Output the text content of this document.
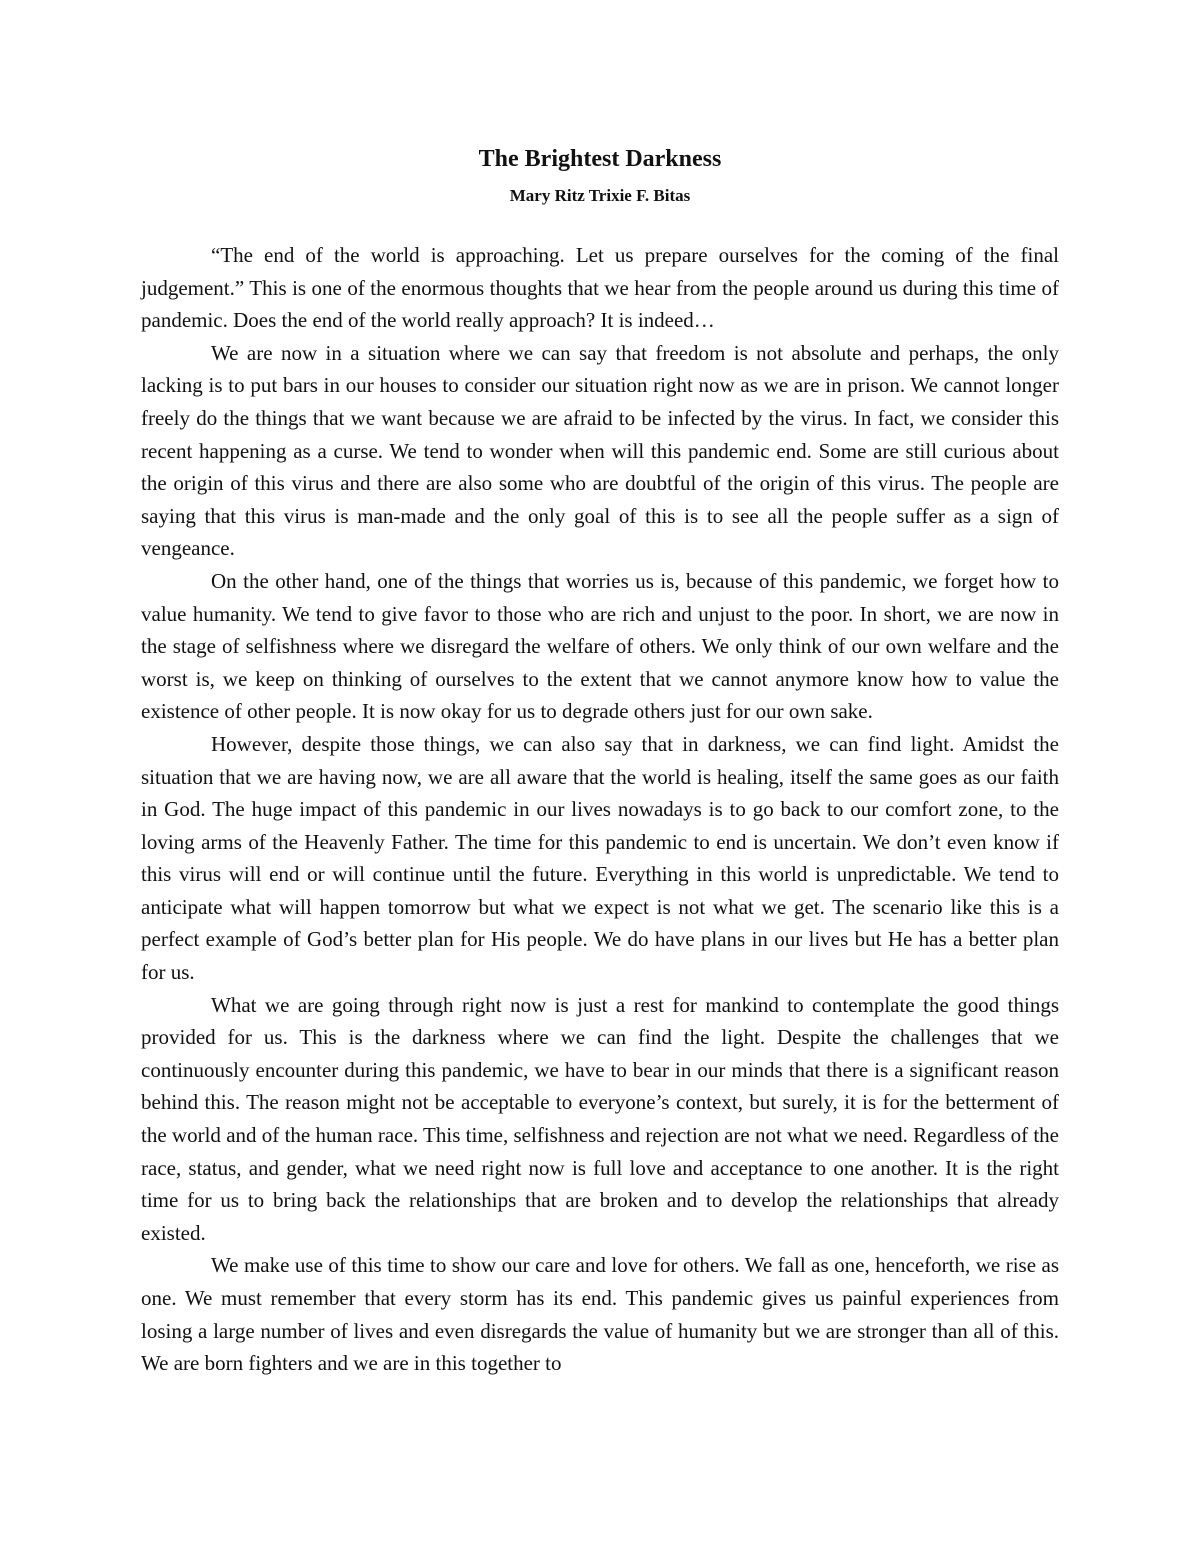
The Brightest Darkness
Mary Ritz Trixie F. Bitas

“The end of the world is approaching. Let us prepare ourselves for the coming of the final judgement.” This is one of the enormous thoughts that we hear from the people around us during this time of pandemic. Does the end of the world really approach? It is indeed…

We are now in a situation where we can say that freedom is not absolute and perhaps, the only lacking is to put bars in our houses to consider our situation right now as we are in prison. We cannot longer freely do the things that we want because we are afraid to be infected by the virus. In fact, we consider this recent happening as a curse. We tend to wonder when will this pandemic end. Some are still curious about the origin of this virus and there are also some who are doubtful of the origin of this virus. The people are saying that this virus is man-made and the only goal of this is to see all the people suffer as a sign of vengeance.

On the other hand, one of the things that worries us is, because of this pandemic, we forget how to value humanity. We tend to give favor to those who are rich and unjust to the poor. In short, we are now in the stage of selfishness where we disregard the welfare of others. We only think of our own welfare and the worst is, we keep on thinking of ourselves to the extent that we cannot anymore know how to value the existence of other people. It is now okay for us to degrade others just for our own sake.

However, despite those things, we can also say that in darkness, we can find light. Amidst the situation that we are having now, we are all aware that the world is healing, itself the same goes as our faith in God. The huge impact of this pandemic in our lives nowadays is to go back to our comfort zone, to the loving arms of the Heavenly Father. The time for this pandemic to end is uncertain. We don’t even know if this virus will end or will continue until the future. Everything in this world is unpredictable. We tend to anticipate what will happen tomorrow but what we expect is not what we get. The scenario like this is a perfect example of God’s better plan for His people. We do have plans in our lives but He has a better plan for us.

What we are going through right now is just a rest for mankind to contemplate the good things provided for us. This is the darkness where we can find the light. Despite the challenges that we continuously encounter during this pandemic, we have to bear in our minds that there is a significant reason behind this. The reason might not be acceptable to everyone’s context, but surely, it is for the betterment of the world and of the human race. This time, selfishness and rejection are not what we need. Regardless of the race, status, and gender, what we need right now is full love and acceptance to one another. It is the right time for us to bring back the relationships that are broken and to develop the relationships that already existed.

We make use of this time to show our care and love for others. We fall as one, henceforth, we rise as one. We must remember that every storm has its end. This pandemic gives us painful experiences from losing a large number of lives and even disregards the value of humanity but we are stronger than all of this. We are born fighters and we are in this together to
